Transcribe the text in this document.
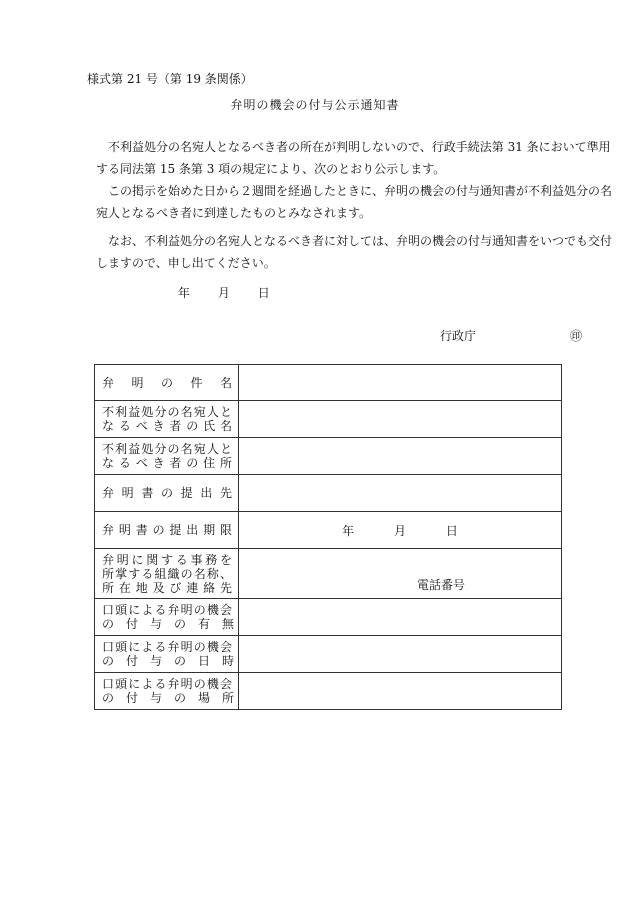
様式第 21 号（第 19 条関係）
弁明の機会の付与公示通知書
　不利益処分の名宛人となるべき者の所在が判明しないので、行政手続法第 31 条において準用する同法第 15 条第 3 項の規定により、次のとおり公示します。
　この掲示を始めた日から２週間を経過したときに、弁明の機会の付与通知書が不利益処分の名宛人となるべき者に到達したものとみなされます。
　なお、不利益処分の名宛人となるべき者に対しては、弁明の機会の付与通知書をいつでも交付しますので、申し出てください。
年 月 日
行政庁	㊞
弁　明　の　件　名	

不利益処分の名宛人と
なるべき者の氏名	

不利益処分の名宛人と
なるべき者の住所	

弁明書の提出先	

弁明書の提出期限	年 月 日

弁明に関する事務を
所掌する組織の名称、
所在地及び連絡先	電話番号

口頭による弁明の機会
の　付　与　の　有　無	

口頭による弁明の機会
の　付　与　の　日　時	

口頭による弁明の機会
の　付　与　の　場　所	
